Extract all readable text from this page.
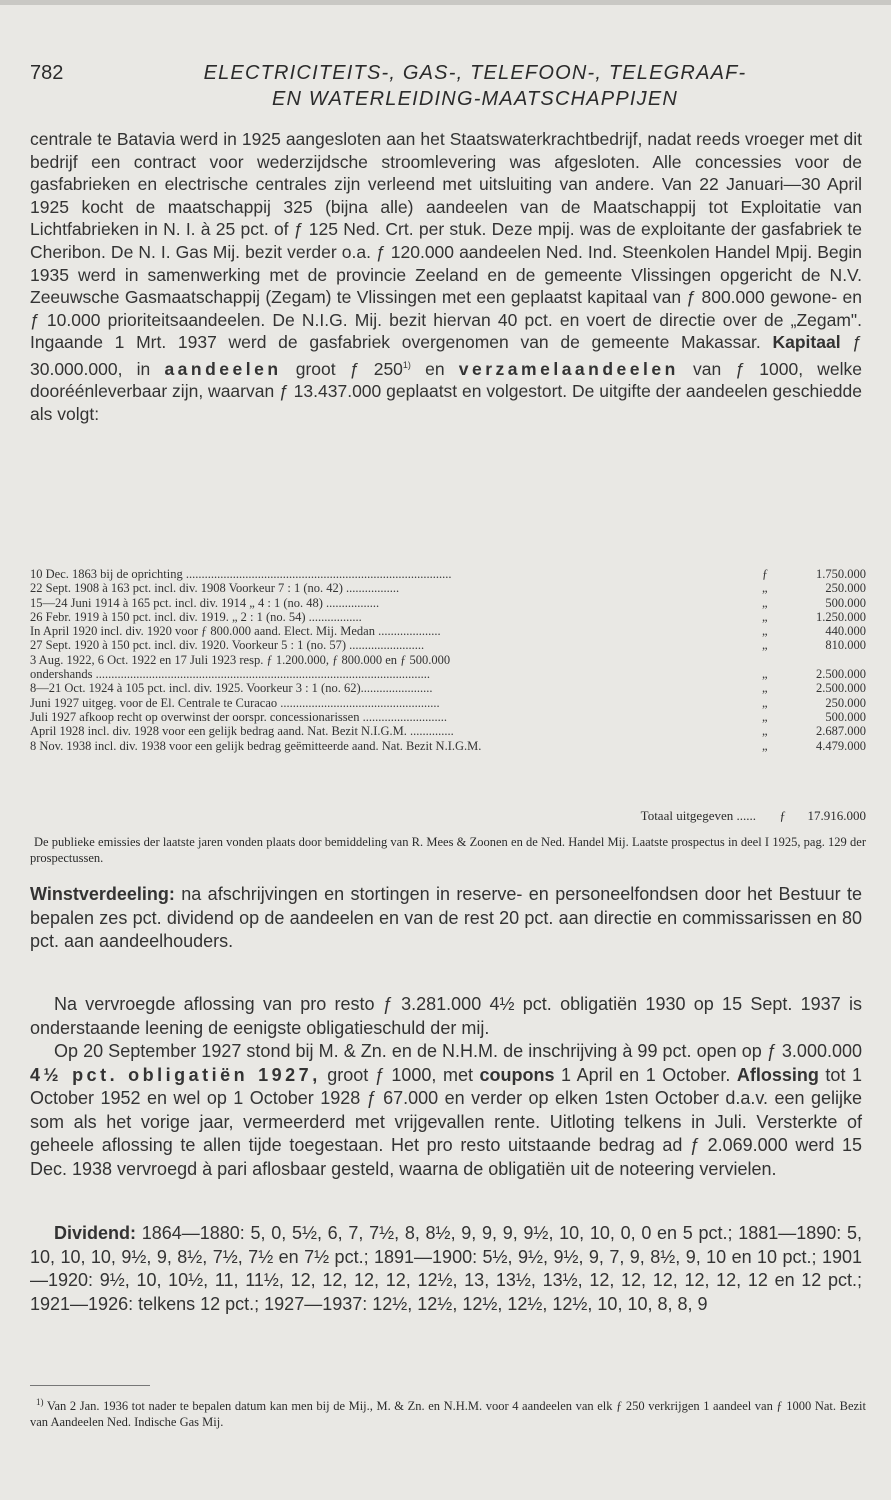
782	ELECTRICITEITS-, GAS-, TELEFOON-, TELEGRAAF-
EN WATERLEIDING-MAATSCHAPPIJEN
centrale te Batavia werd in 1925 aangesloten aan het Staatswaterkrachtbedrijf, nadat reeds vroeger met dit bedrijf een contract voor wederzijdsche stroomlevering was afgesloten. Alle concessies voor de gasfabrieken en electrische centrales zijn verleend met uitsluiting van andere. Van 22 Januari—30 April 1925 kocht de maatschappij 325 (bijna alle) aandeelen van de Maatschappij tot Exploitatie van Lichtfabrieken in N. I. à 25 pct. of ƒ 125 Ned. Crt. per stuk. Deze mpij. was de exploitante der gasfabriek te Cheribon. De N. I. Gas Mij. bezit verder o.a. ƒ 120.000 aandeelen Ned. Ind. Steenkolen Handel Mpij. Begin 1935 werd in samenwerking met de provincie Zeeland en de gemeente Vlissingen opgericht de N.V. Zeeuwsche Gasmaatschappij (Zegam) te Vlissingen met een geplaatst kapitaal van ƒ 800.000 gewone- en ƒ 10.000 prioriteitsaandeelen. De N.I.G. Mij. bezit hiervan 40 pct. en voert de directie over de „Zegam". Ingaande 1 Mrt. 1937 werd de gasfabriek overgenomen van de gemeente Makassar. Kapitaal ƒ 30.000.000, in aandeelen groot ƒ 250$^{1)}$ en verzamelaandeelen van ƒ 1000, welke dooréénleverbaar zijn, waarvan ƒ 13.437.000 geplaatst en volgestort. De uitgifte der aandeelen geschiedde als volgt:
10 Dec. 1863 bij de oprichting .....................................................................................	ƒ	1.750.000
22 Sept. 1908 à 163 pct. incl. div. 1908 Voorkeur 7 : 1 (no. 42) .................	„	250.000
15—24 Juni 1914 à 165 pct. incl. div. 1914 „ 4 : 1 (no. 48) .................	„	500.000
26 Febr. 1919 à 150 pct. incl. div. 1919. „ 2 : 1 (no. 54) .................	„	1.250.000
In April 1920 incl. div. 1920 voor ƒ 800.000 aand. Elect. Mij. Medan ....................	„	440.000
27 Sept. 1920 à 150 pct. incl. div. 1920. Voorkeur 5 : 1 (no. 57) ........................	„	810.000
3 Aug. 1922, 6 Oct. 1922 en 17 Juli 1923 resp. ƒ 1.200.000, ƒ 800.000 en ƒ 500.000		
ondershands ...........................................................................................................	„	2.500.000
8—21 Oct. 1924 à 105 pct. incl. div. 1925. Voorkeur 3 : 1 (no. 62).......................	„	2.500.000
Juni 1927 uitgeg. voor de El. Centrale te Curacao ...................................................	„	250.000
Juli 1927 afkoop recht op overwinst der oorspr. concessionarissen ...........................	„	500.000
April 1928 incl. div. 1928 voor een gelijk bedrag aand. Nat. Bezit N.I.G.M. ..............	„	2.687.000
8 Nov. 1938 incl. div. 1938 voor een gelijk bedrag geëmitteerde aand. Nat. Bezit N.I.G.M.	„	4.479.000
Totaal uitgegeven ...... ƒ 17.916.000
De publieke emissies der laatste jaren vonden plaats door bemiddeling van R. Mees & Zoonen en de Ned. Handel Mij. Laatste prospectus in deel I 1925, pag. 129 der prospectussen.
Winstverdeeling: na afschrijvingen en stortingen in reserve- en personeelfondsen door het Bestuur te bepalen zes pct. dividend op de aandeelen en van de rest 20 pct. aan directie en commissarissen en 80 pct. aan aandeelhouders.
Na vervroegde aflossing van pro resto ƒ 3.281.000 4½ pct. obligatiën 1930 op 15 Sept. 1937 is onderstaande leening de eenigste obligatieschuld der mij.
Op 20 September 1927 stond bij M. & Zn. en de N.H.M. de inschrijving à 99 pct. open op ƒ 3.000.000 4½ pct. obligatiën 1927, groot ƒ 1000, met coupons 1 April en 1 October. Aflossing tot 1 October 1952 en wel op 1 October 1928 ƒ 67.000 en verder op elken 1sten October d.a.v. een gelijke som als het vorige jaar, vermeerderd met vrijgevallen rente. Uitloting telkens in Juli. Versterkte of geheele aflossing te allen tijde toegestaan. Het pro resto uitstaande bedrag ad ƒ 2.069.000 werd 15 Dec. 1938 vervroegd à pari aflosbaar gesteld, waarna de obligatiën uit de noteering vervielen.
Dividend: 1864—1880: 5, 0, 5½, 6, 7, 7½, 8, 8½, 9, 9, 9, 9½, 10, 10, 0, 0 en 5 pct.; 1881—1890: 5, 10, 10, 10, 9½, 9, 8½, 7½, 7½ en 7½ pct.; 1891—1900: 5½, 9½, 9½, 9, 7, 9, 8½, 9, 10 en 10 pct.; 1901—1920: 9½, 10, 10½, 11, 11½, 12, 12, 12, 12, 12½, 13, 13½, 13½, 12, 12, 12, 12, 12, 12 en 12 pct.; 1921—1926: telkens 12 pct.; 1927—1937: 12½, 12½, 12½, 12½, 12½, 10, 10, 8, 8, 9
$^{1)}$ Van 2 Jan. 1936 tot nader te bepalen datum kan men bij de Mij., M. & Zn. en N.H.M. voor 4 aandeelen van elk ƒ 250 verkrijgen 1 aandeel van ƒ 1000 Nat. Bezit van Aandeelen Ned. Indische Gas Mij.
